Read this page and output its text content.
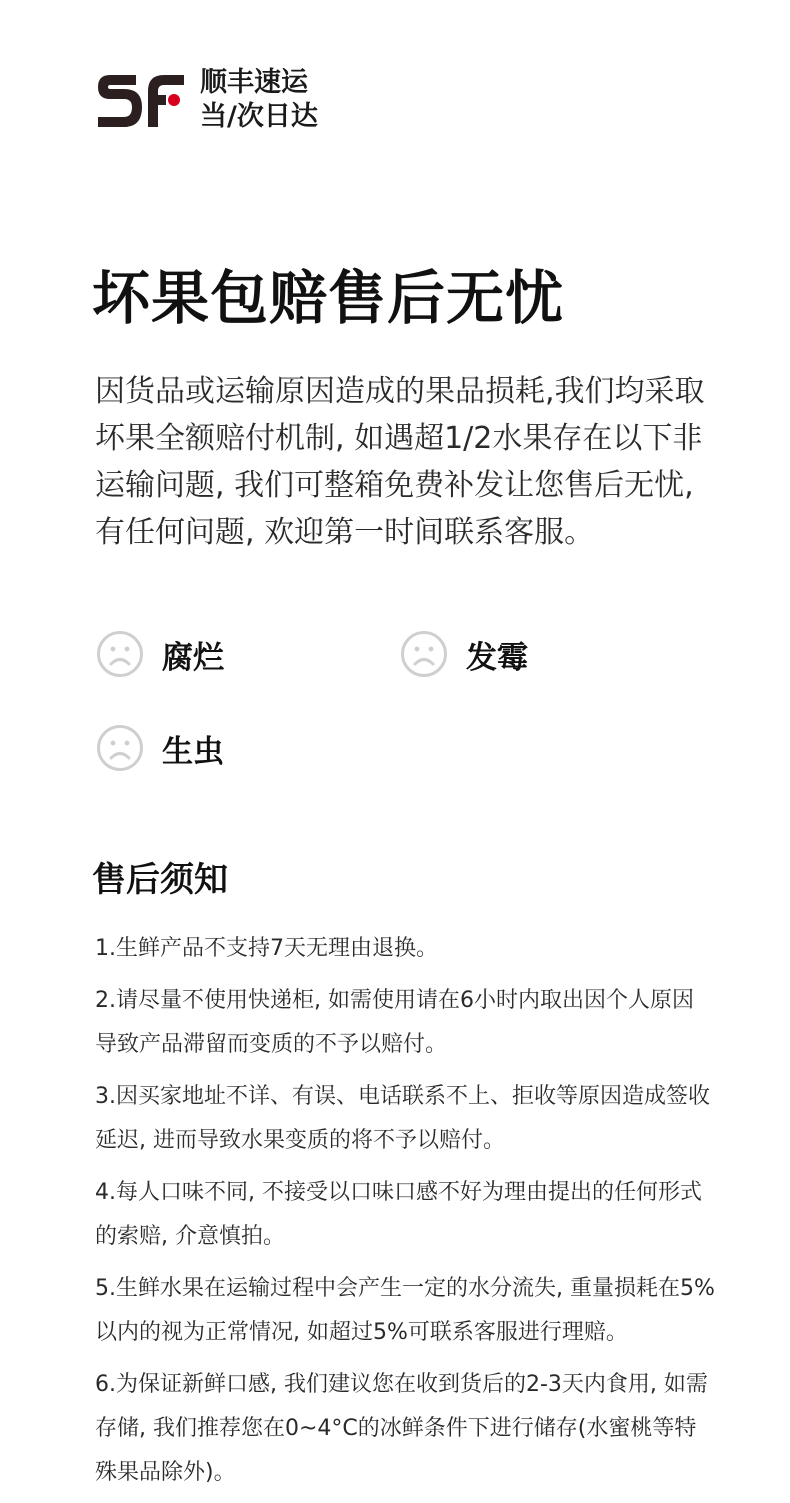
顺丰速运
当/次日达
坏果包赔售后无忧

因货品或运输原因造成的果品损耗,我们均采取坏果全额赔付机制, 如遇超1/2水果存在以下非运输问题, 我们可整箱免费补发让您售后无忧, 有任何问题, 欢迎第一时间联系客服。

腐烂	发霉
生虫
售后须知
1.生鲜产品不支持7天无理由退换。
2.请尽量不使用快递柜, 如需使用请在6小时内取出因个人原因导致产品滞留而变质的不予以赔付。
3.因买家地址不详、有误、电话联系不上、拒收等原因造成签收延迟, 进而导致水果变质的将不予以赔付。
4.每人口味不同, 不接受以口味口感不好为理由提出的任何形式的索赔, 介意慎拍。
5.生鲜水果在运输过程中会产生一定的水分流失, 重量损耗在5%以内的视为正常情况, 如超过5%可联系客服进行理赔。
6.为保证新鲜口感, 我们建议您在收到货后的2-3天内食用, 如需存储, 我们推荐您在0~4°C的冰鲜条件下进行储存(水蜜桃等特殊果品除外)。
